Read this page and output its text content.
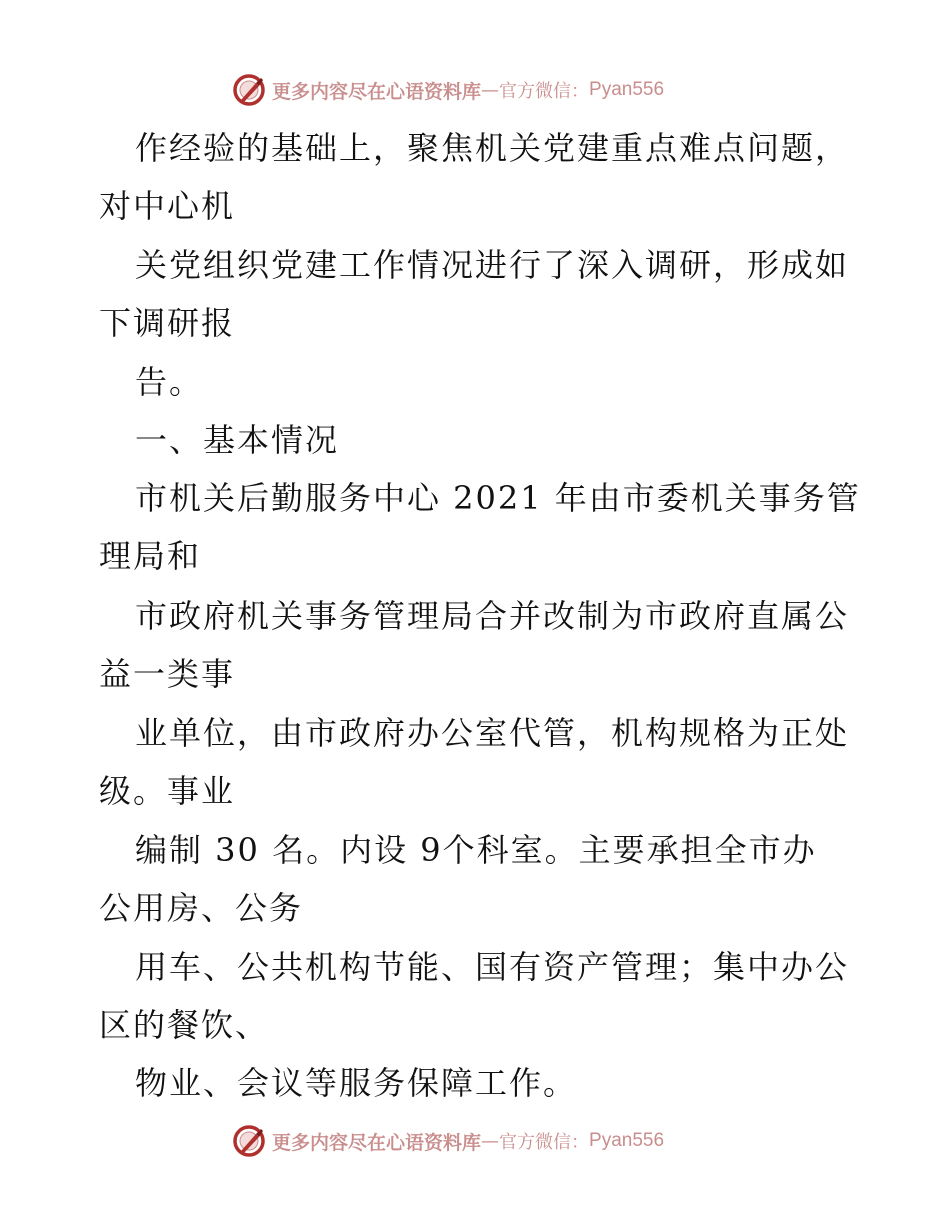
更多内容尽在心语资料库 — 官方微信： Pyan556
作经验的基础上，聚焦机关党建重点难点问题，
对中心机
关党组织党建工作情况进行了深入调研，形成如
下调研报
告。
一、基本情况
市机关后勤服务中心 2021 年由市委机关事务管
理局和
市政府机关事务管理局合并改制为市政府直属公
益一类事
业单位，由市政府办公室代管，机构规格为正处
级。事业
编制 30 名。内设 9个科室。主要承担全市办
公用房、公务
用车、公共机构节能、国有资产管理；集中办公
区的餐饮、
物业、会议等服务保障工作。
更多内容尽在心语资料库 — 官方微信： Pyan556
